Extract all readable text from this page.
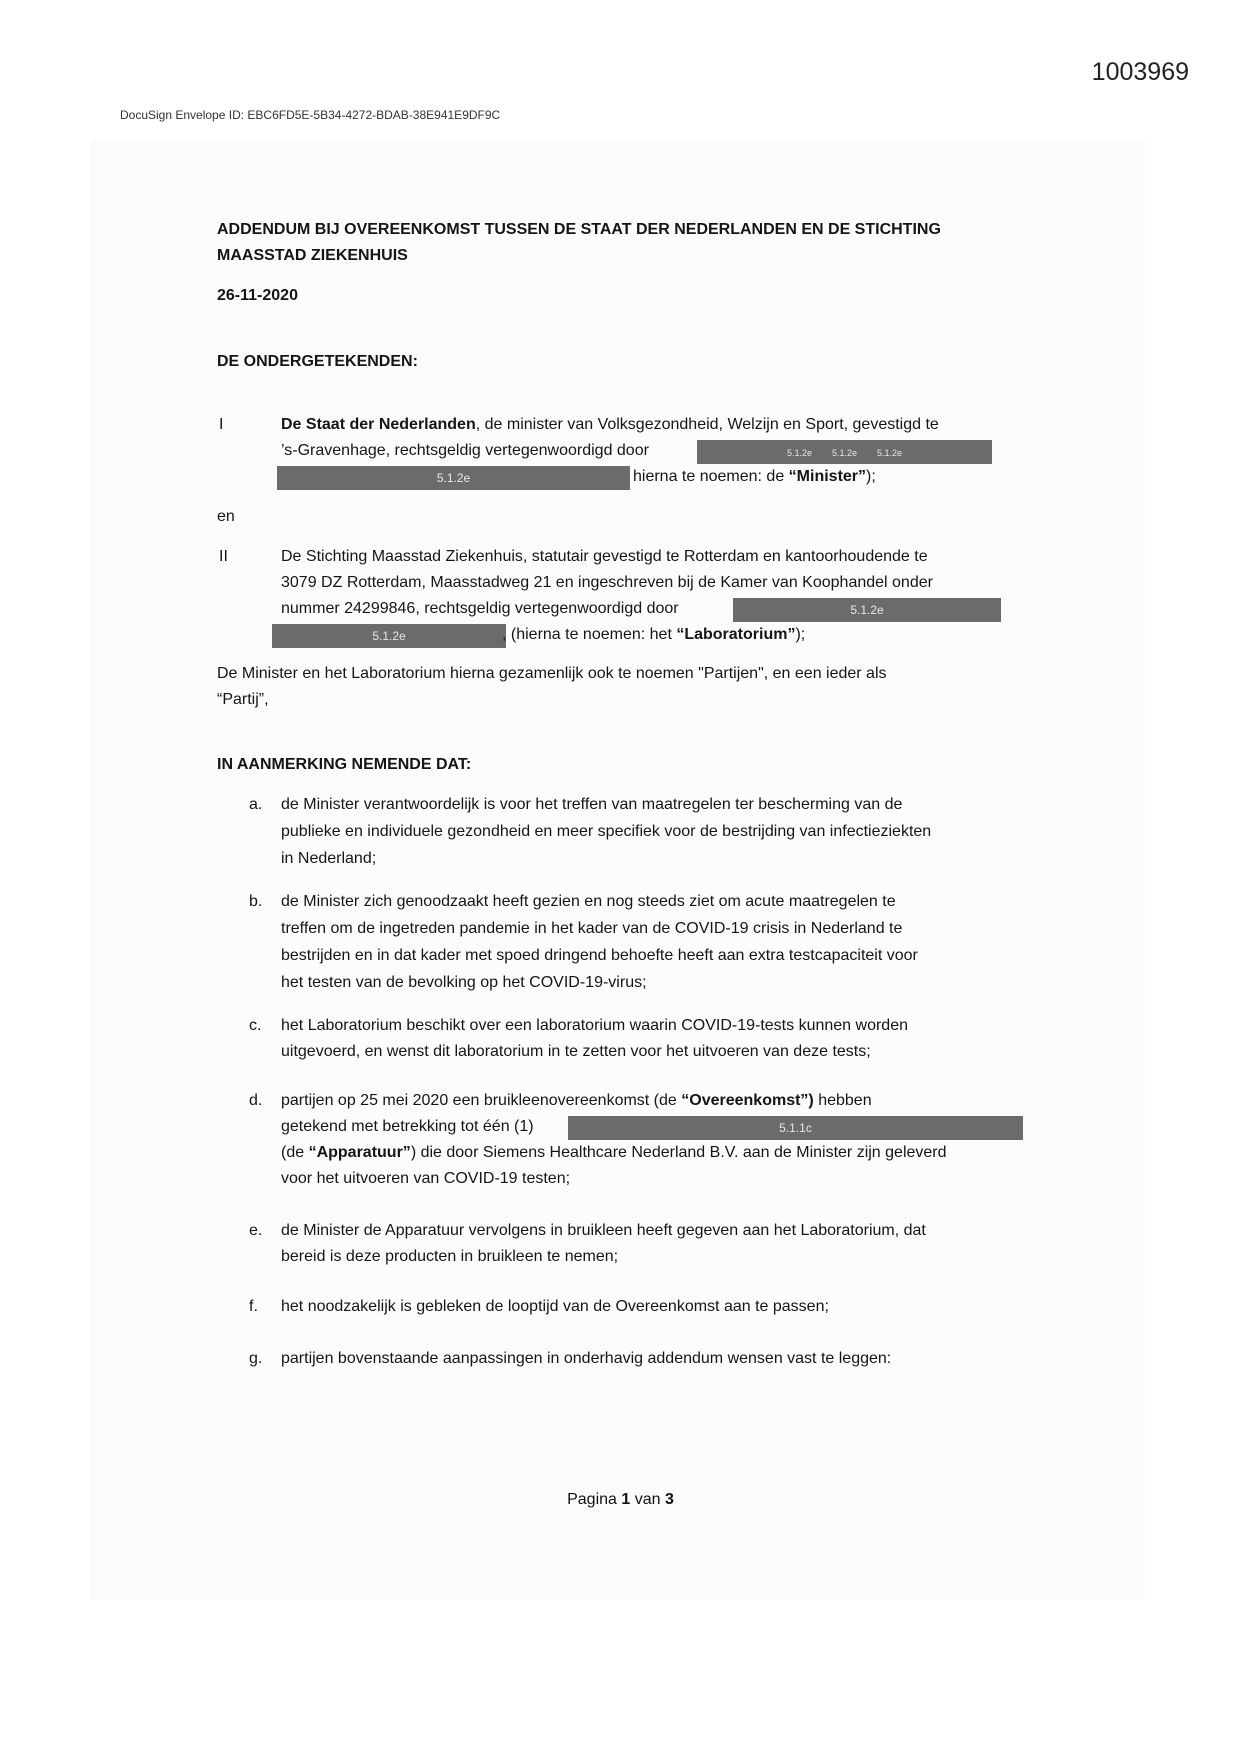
1003969
DocuSign Envelope ID: EBC6FD5E-5B34-4272-BDAB-38E941E9DF9C
ADDENDUM BIJ OVEREENKOMST TUSSEN DE STAAT DER NEDERLANDEN EN DE STICHTING
MAASSTAD ZIEKENHUIS
26-11-2020
DE ONDERGETEKENDEN:
I	De Staat der Nederlanden, de minister van Volksgezondheid, Welzijn en Sport, gevestigd te
’s-Gravenhage, rechtsgeldig vertegenwoordigd door	5.1.2e 5.1.2e 5.1.2e
5.1.2e	hierna te noemen: de “Minister”);
en
II	De Stichting Maasstad Ziekenhuis, statutair gevestigd te Rotterdam en kantoorhoudende te
3079 DZ Rotterdam, Maasstadweg 21 en ingeschreven bij de Kamer van Koophandel onder
nummer 24299846, rechtsgeldig vertegenwoordigd door	5.1.2e
5.1.2e	, (hierna te noemen: het “Laboratorium”);
De Minister en het Laboratorium hierna gezamenlijk ook te noemen "Partijen", en een ieder als
“Partij”,
IN AANMERKING NEMENDE DAT:
a. de Minister verantwoordelijk is voor het treffen van maatregelen ter bescherming van de
publieke en individuele gezondheid en meer specifiek voor de bestrijding van infectieziekten
in Nederland;
b. de Minister zich genoodzaakt heeft gezien en nog steeds ziet om acute maatregelen te
treffen om de ingetreden pandemie in het kader van de COVID-19 crisis in Nederland te
bestrijden en in dat kader met spoed dringend behoefte heeft aan extra testcapaciteit voor
het testen van de bevolking op het COVID-19-virus;
c. het Laboratorium beschikt over een laboratorium waarin COVID-19-tests kunnen worden
uitgevoerd, en wenst dit laboratorium in te zetten voor het uitvoeren van deze tests;
d. partijen op 25 mei 2020 een bruikleenovereenkomst (de “Overeenkomst”) hebben
getekend met betrekking tot één (1)	5.1.1c
(de “Apparatuur”) die door Siemens Healthcare Nederland B.V. aan de Minister zijn geleverd
voor het uitvoeren van COVID-19 testen;
e. de Minister de Apparatuur vervolgens in bruikleen heeft gegeven aan het Laboratorium, dat
bereid is deze producten in bruikleen te nemen;
f. het noodzakelijk is gebleken de looptijd van de Overeenkomst aan te passen;
g. partijen bovenstaande aanpassingen in onderhavig addendum wensen vast te leggen:
Pagina 1 van 3
